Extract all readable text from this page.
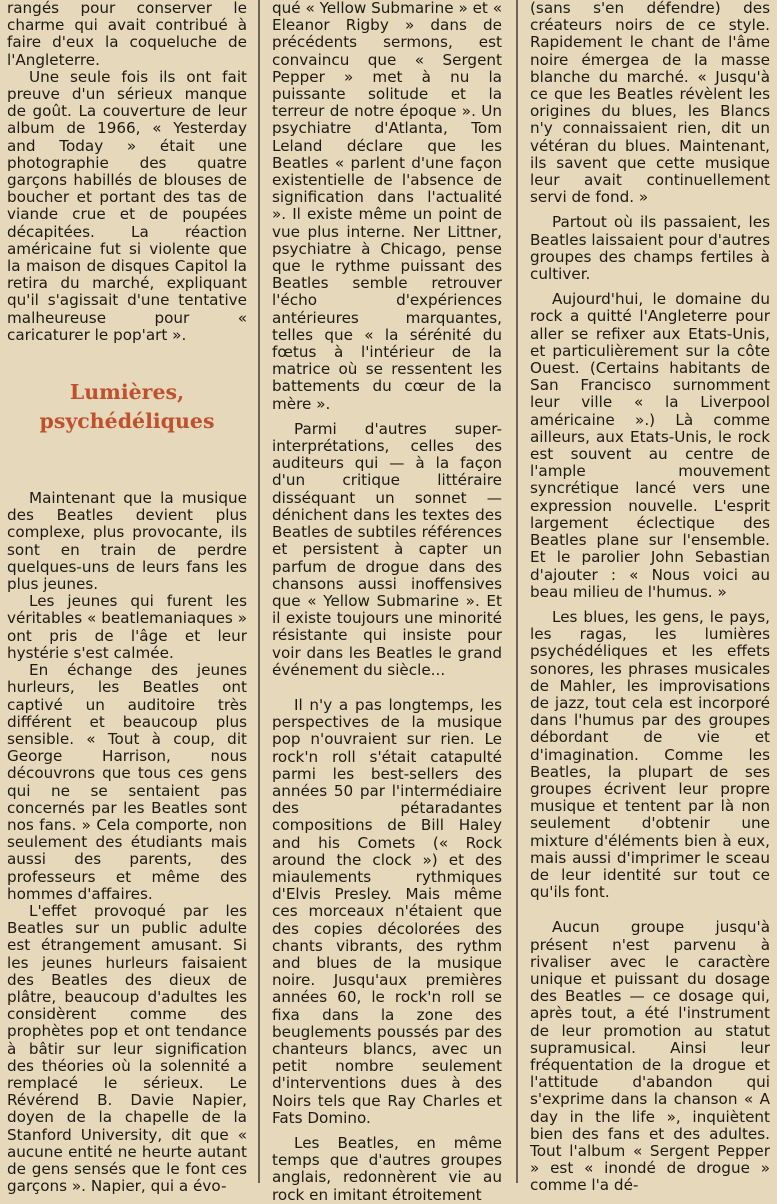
rangés pour conserver le charme qui avait contribué à faire d'eux la coqueluche de l'Angleterre.

Une seule fois ils ont fait preuve d'un sérieux manque de goût. La couverture de leur album de 1966, « Yesterday and Today » était une photographie des quatre garçons habillés de blouses de boucher et portant des tas de viande crue et de poupées décapitées. La réaction américaine fut si violente que la maison de disques Capitol la retira du marché, expliquant qu'il s'agissait d'une tentative malheureuse pour « caricaturer le pop'art ».

Lumières,
psychédéliques

Maintenant que la musique des Beatles devient plus complexe, plus provocante, ils sont en train de perdre quelques-uns de leurs fans les plus jeunes.

Les jeunes qui furent les véritables « beatlemaniaques » ont pris de l'âge et leur hystérie s'est calmée.

En échange des jeunes hurleurs, les Beatles ont captivé un auditoire très différent et beaucoup plus sensible. « Tout à coup, dit George Harrison, nous découvrons que tous ces gens qui ne se sentaient pas concernés par les Beatles sont nos fans. » Cela comporte, non seulement des étudiants mais aussi des parents, des professeurs et même des hommes d'affaires.

L'effet provoqué par les Beatles sur un public adulte est étrangement amusant. Si les jeunes hurleurs faisaient des Beatles des dieux de plâtre, beaucoup d'adultes les considèrent comme des prophètes pop et ont tendance à bâtir sur leur signification des théories où la solennité a remplacé le sérieux. Le Révérend B. Davie Napier, doyen de la chapelle de la Stanford University, dit que « aucune entité ne heurte autant de gens sensés que le font ces garçons ». Napier, qui a évo-

qué « Yellow Submarine » et « Eleanor Rigby » dans de précédents sermons, est convaincu que « Sergent Pepper » met à nu la puissante solitude et la terreur de notre époque ». Un psychiatre d'Atlanta, Tom Leland déclare que les Beatles « parlent d'une façon existentielle de l'absence de signification dans l'actualité ». Il existe même un point de vue plus interne. Ner Littner, psychiatre à Chicago, pense que le rythme puissant des Beatles semble retrouver l'écho d'expériences antérieures marquantes, telles que « la sérénité du fœtus à l'intérieur de la matrice où se ressentent les battements du cœur de la mère ».

Parmi d'autres super-interprétations, celles des auditeurs qui — à la façon d'un critique littéraire disséquant un sonnet — dénichent dans les textes des Beatles de subtiles références et persistent à capter un parfum de drogue dans des chansons aussi inoffensives que « Yellow Submarine ». Et il existe toujours une minorité résistante qui insiste pour voir dans les Beatles le grand événement du siècle...

Il n'y a pas longtemps, les perspectives de la musique pop n'ouvraient sur rien. Le rock'n roll s'était catapulté parmi les best-sellers des années 50 par l'intermédiaire des pétaradantes compositions de Bill Haley and his Comets (« Rock around the clock ») et des miaulements rythmiques d'Elvis Presley. Mais même ces morceaux n'étaient que des copies décolorées des chants vibrants, des rythm and blues de la musique noire. Jusqu'aux premières années 60, le rock'n roll se fixa dans la zone des beuglements poussés par des chanteurs blancs, avec un petit nombre seulement d'interventions dues à des Noirs tels que Ray Charles et Fats Domino.

Les Beatles, en même temps que d'autres groupes anglais, redonnèrent vie au rock en imitant étroitement

(sans s'en défendre) des créateurs noirs de ce style. Rapidement le chant de l'âme noire émergea de la masse blanche du marché. « Jusqu'à ce que les Beatles révèlent les origines du blues, les Blancs n'y connaissaient rien, dit un vétéran du blues. Maintenant, ils savent que cette musique leur avait continuellement servi de fond. »

Partout où ils passaient, les Beatles laissaient pour d'autres groupes des champs fertiles à cultiver.

Aujourd'hui, le domaine du rock a quitté l'Angleterre pour aller se refixer aux Etats-Unis, et particulièrement sur la côte Ouest. (Certains habitants de San Francisco surnomment leur ville « la Liverpool américaine ».) Là comme ailleurs, aux Etats-Unis, le rock est souvent au centre de l'ample mouvement syncrétique lancé vers une expression nouvelle. L'esprit largement éclectique des Beatles plane sur l'ensemble. Et le parolier John Sebastian d'ajouter : « Nous voici au beau milieu de l'humus. »

Les blues, les gens, le pays, les ragas, les lumières psychédéliques et les effets sonores, les phrases musicales de Mahler, les improvisations de jazz, tout cela est incorporé dans l'humus par des groupes débordant de vie et d'imagination. Comme les Beatles, la plupart de ses groupes écrivent leur propre musique et tentent par là non seulement d'obtenir une mixture d'éléments bien à eux, mais aussi d'imprimer le sceau de leur identité sur tout ce qu'ils font.

Aucun groupe jusqu'à présent n'est parvenu à rivaliser avec le caractère unique et puissant du dosage des Beatles — ce dosage qui, après tout, a été l'instrument de leur promotion au statut supramusical. Ainsi leur fréquentation de la drogue et l'attitude d'abandon qui s'exprime dans la chanson « A day in the life », inquiètent bien des fans et des adultes. Tout l'album « Sergent Pepper » est « inondé de drogue » comme l'a dé-
